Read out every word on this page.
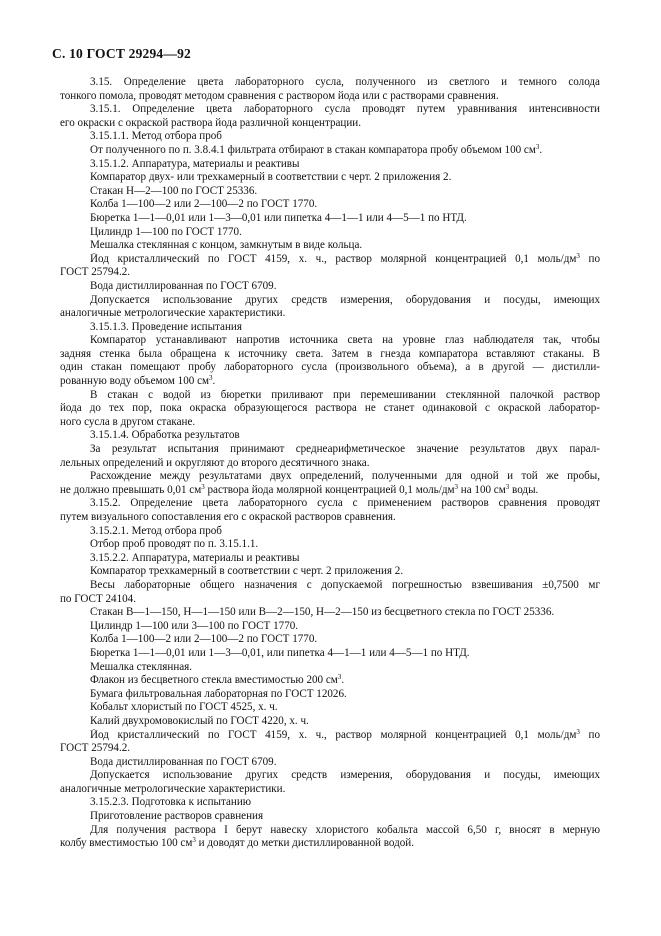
С. 10 ГОСТ 29294—92
3.15. Определение цвета лабораторного сусла, полученного из светлого и темного солода
тонкого помола, проводят методом сравнения с раствором йода или с растворами сравнения.
3.15.1. Определение цвета лабораторного сусла проводят путем уравнивания интенсивности
его окраски с окраской раствора йода различной концентрации.
3.15.1.1. Метод отбора проб
От полученного по п. 3.8.4.1 фильтрата отбирают в стакан компаратора пробу объемом 100 $см^3$.
3.15.1.2. Аппаратура, материалы и реактивы
Компаратор двух- или трехкамерный в соответствии с черт. 2 приложения 2.
Стакан Н—2—100 по ГОСТ 25336.
Колба 1—100—2 или 2—100—2 по ГОСТ 1770.
Бюретка 1—1—0,01 или 1—3—0,01 или пипетка 4—1—1 или 4—5—1 по НТД.
Цилиндр 1—100 по ГОСТ 1770.
Мешалка стеклянная с концом, замкнутым в виде кольца.
Йод кристаллический по ГОСТ 4159, х. ч., раствор молярной концентрацией 0,1 моль/$дм^3$ по
ГОСТ 25794.2.
Вода дистиллированная по ГОСТ 6709.
Допускается использование других средств измерения, оборудования и посуды, имеющих
аналогичные метрологические характеристики.
3.15.1.3. Проведение испытания
Компаратор устанавливают напротив источника света на уровне глаз наблюдателя так, чтобы
задняя стенка была обращена к источнику света. Затем в гнезда компаратора вставляют стаканы. В
один стакан помещают пробу лабораторного сусла (произвольного объема), а в другой — дистилли-
рованную воду объемом 100 $см^3$.
В стакан с водой из бюретки приливают при перемешивании стеклянной палочкой раствор
йода до тех пор, пока окраска образующегося раствора не станет одинаковой с окраской лаборатор-
ного сусла в другом стакане.
3.15.1.4. Обработка результатов
За результат испытания принимают среднеарифметическое значение результатов двух парал-
лельных определений и округляют до второго десятичного знака.
Расхождение между результатами двух определений, полученными для одной и той же пробы,
не должно превышать 0,01 $см^3$ раствора йода молярной концентрацией 0,1 моль/$дм^3$ на 100 $см^3$ воды.
3.15.2. Определение цвета лабораторного сусла с применением растворов сравнения проводят
путем визуального сопоставления его с окраской растворов сравнения.
3.15.2.1. Метод отбора проб
Отбор проб проводят по п. 3.15.1.1.
3.15.2.2. Аппаратура, материалы и реактивы
Компаратор трехкамерный в соответствии с черт. 2 приложения 2.
Весы лабораторные общего назначения с допускаемой погрешностью взвешивания ±0,7500 мг
по ГОСТ 24104.
Стакан В—1—150, Н—1—150 или В—2—150, Н—2—150 из бесцветного стекла по ГОСТ 25336.
Цилиндр 1—100 или 3—100 по ГОСТ 1770.
Колба 1—100—2 или 2—100—2 по ГОСТ 1770.
Бюретка 1—1—0,01 или 1—3—0,01, или пипетка 4—1—1 или 4—5—1 по НТД.
Мешалка стеклянная.
Флакон из бесцветного стекла вместимостью 200 $см^3$.
Бумага фильтровальная лабораторная по ГОСТ 12026.
Кобальт хлористый по ГОСТ 4525, х. ч.
Калий двухромовокислый по ГОСТ 4220, х. ч.
Йод кристаллический по ГОСТ 4159, х. ч., раствор молярной концентрацией 0,1 моль/$дм^3$ по
ГОСТ 25794.2.
Вода дистиллированная по ГОСТ 6709.
Допускается использование других средств измерения, оборудования и посуды, имеющих
аналогичные метрологические характеристики.
3.15.2.3. Подготовка к испытанию
Приготовление растворов сравнения
Для получения раствора I берут навеску хлористого кобальта массой 6,50 г, вносят в мерную
колбу вместимостью 100 $см^3$ и доводят до метки дистиллированной водой.
